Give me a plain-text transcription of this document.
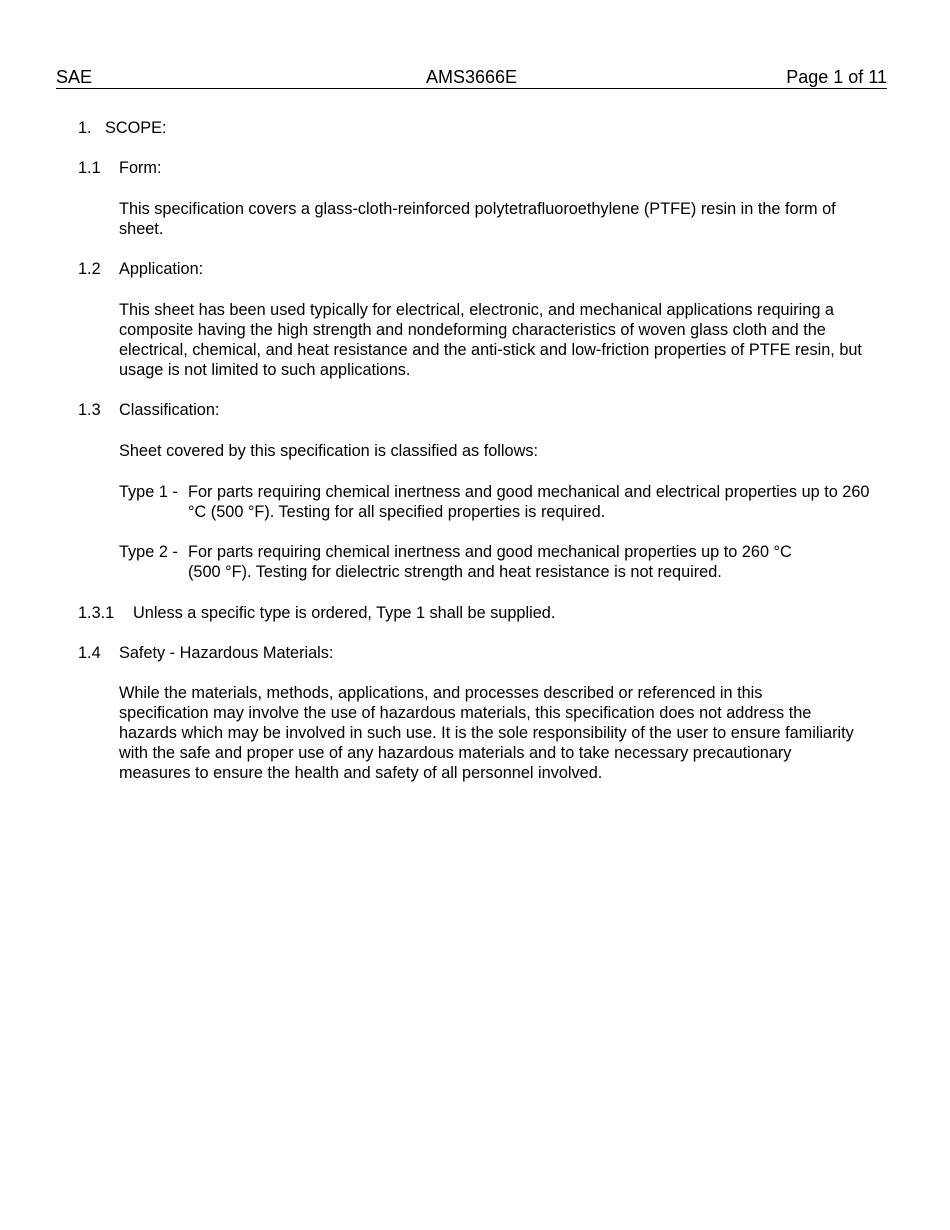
SAE	AMS3666E	Page 1 of 11
1. SCOPE:
1.1 Form:
This specification covers a glass-cloth-reinforced polytetrafluoroethylene (PTFE) resin in the form of sheet.
1.2 Application:
This sheet has been used typically for electrical, electronic, and mechanical applications requiring a composite having the high strength and nondeforming characteristics of woven glass cloth and the electrical, chemical, and heat resistance and the anti-stick and low-friction properties of PTFE resin, but usage is not limited to such applications.
1.3 Classification:
Sheet covered by this specification is classified as follows:
Type 1 - For parts requiring chemical inertness and good mechanical and electrical properties up to 260 °C (500 °F). Testing for all specified properties is required.
Type 2 - For parts requiring chemical inertness and good mechanical properties up to 260 °C (500 °F). Testing for dielectric strength and heat resistance is not required.
1.3.1 Unless a specific type is ordered, Type 1 shall be supplied.
1.4 Safety - Hazardous Materials:
While the materials, methods, applications, and processes described or referenced in this specification may involve the use of hazardous materials, this specification does not address the hazards which may be involved in such use. It is the sole responsibility of the user to ensure familiarity with the safe and proper use of any hazardous materials and to take necessary precautionary measures to ensure the health and safety of all personnel involved.
